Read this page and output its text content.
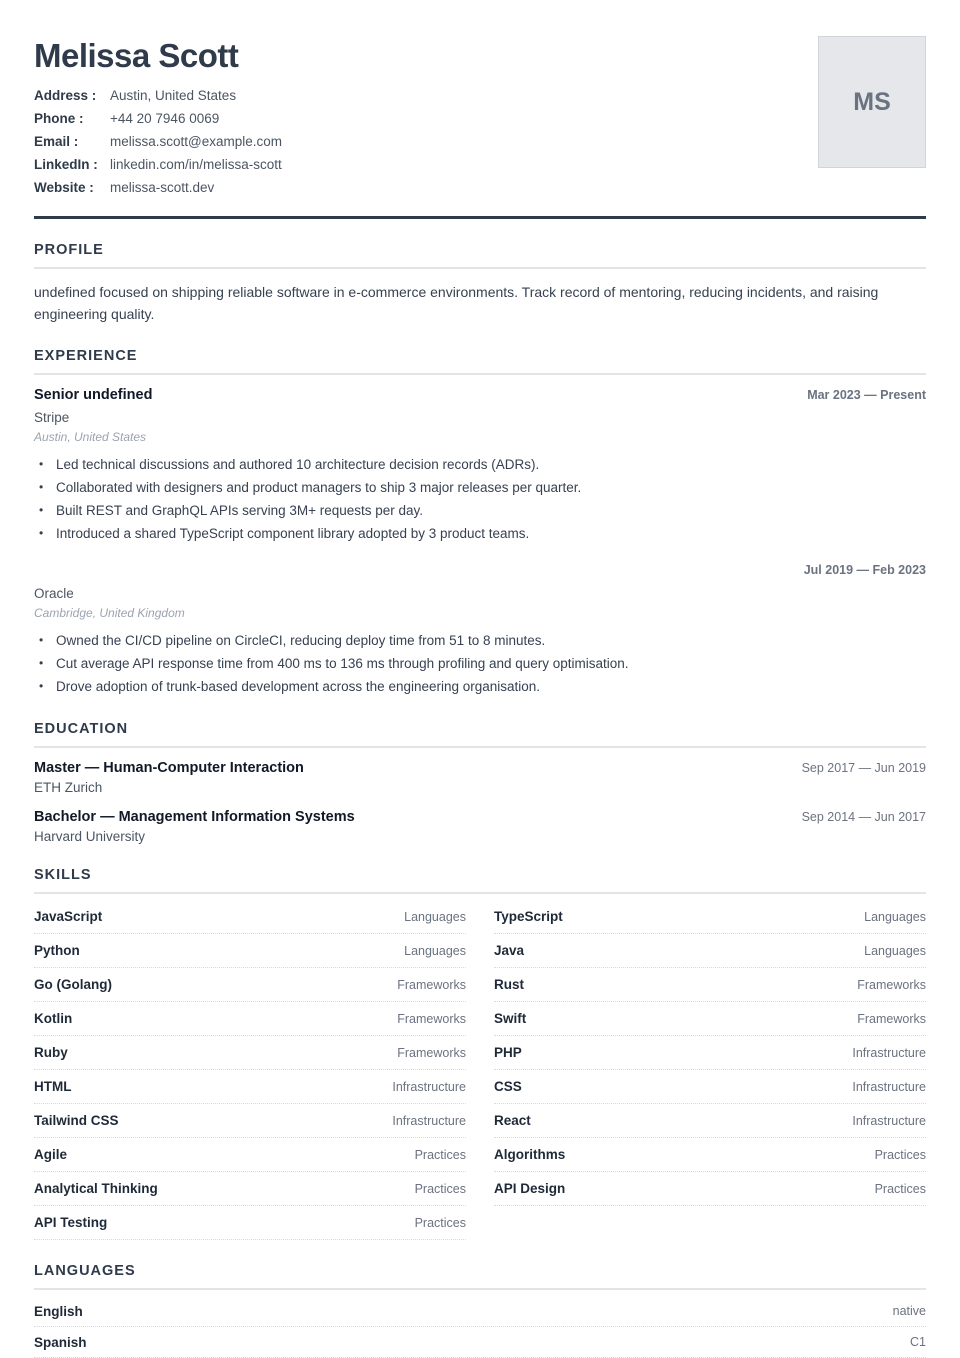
Melissa Scott
Address :	Austin, United States
Phone :	+44 20 7946 0069
Email :	melissa.scott@example.com
LinkedIn : linkedin.com/in/melissa-scott
Website :	melissa-scott.dev
MS
PROFILE

undefined focused on shipping reliable software in e-commerce environments. Track record of mentoring, reducing incidents, and raising engineering quality.

EXPERIENCE
Senior undefined	Mar 2023 — Present
Stripe
Austin, United States
• Led technical discussions and authored 10 architecture decision records (ADRs).
• Collaborated with designers and product managers to ship 3 major releases per quarter.
• Built REST and GraphQL APIs serving 3M+ requests per day.
• Introduced a shared TypeScript component library adopted by 3 product teams.
Jul 2019 — Feb 2023
Oracle
Cambridge, United Kingdom
• Owned the CI/CD pipeline on CircleCI, reducing deploy time from 51 to 8 minutes.
• Cut average API response time from 400 ms to 136 ms through profiling and query optimisation.
• Drove adoption of trunk-based development across the engineering organisation.
EDUCATION
Master — Human-Computer Interaction	Sep 2017 — Jun 2019
ETH Zurich
Bachelor — Management Information Systems	Sep 2014 — Jun 2017
Harvard University
SKILLS
JavaScript	Languages TypeScript	Languages
Python	Languages Java	Languages
Go (Golang)	Frameworks Rust	Frameworks
Kotlin	Frameworks Swift	Frameworks
Ruby	Frameworks PHP	Infrastructure
HTML	Infrastructure CSS	Infrastructure
Tailwind CSS	Infrastructure React	Infrastructure
Agile	Practices Algorithms	Practices
Analytical Thinking	Practices API Design	Practices
API Testing	Practices
LANGUAGES
English	native
Spanish	C1
